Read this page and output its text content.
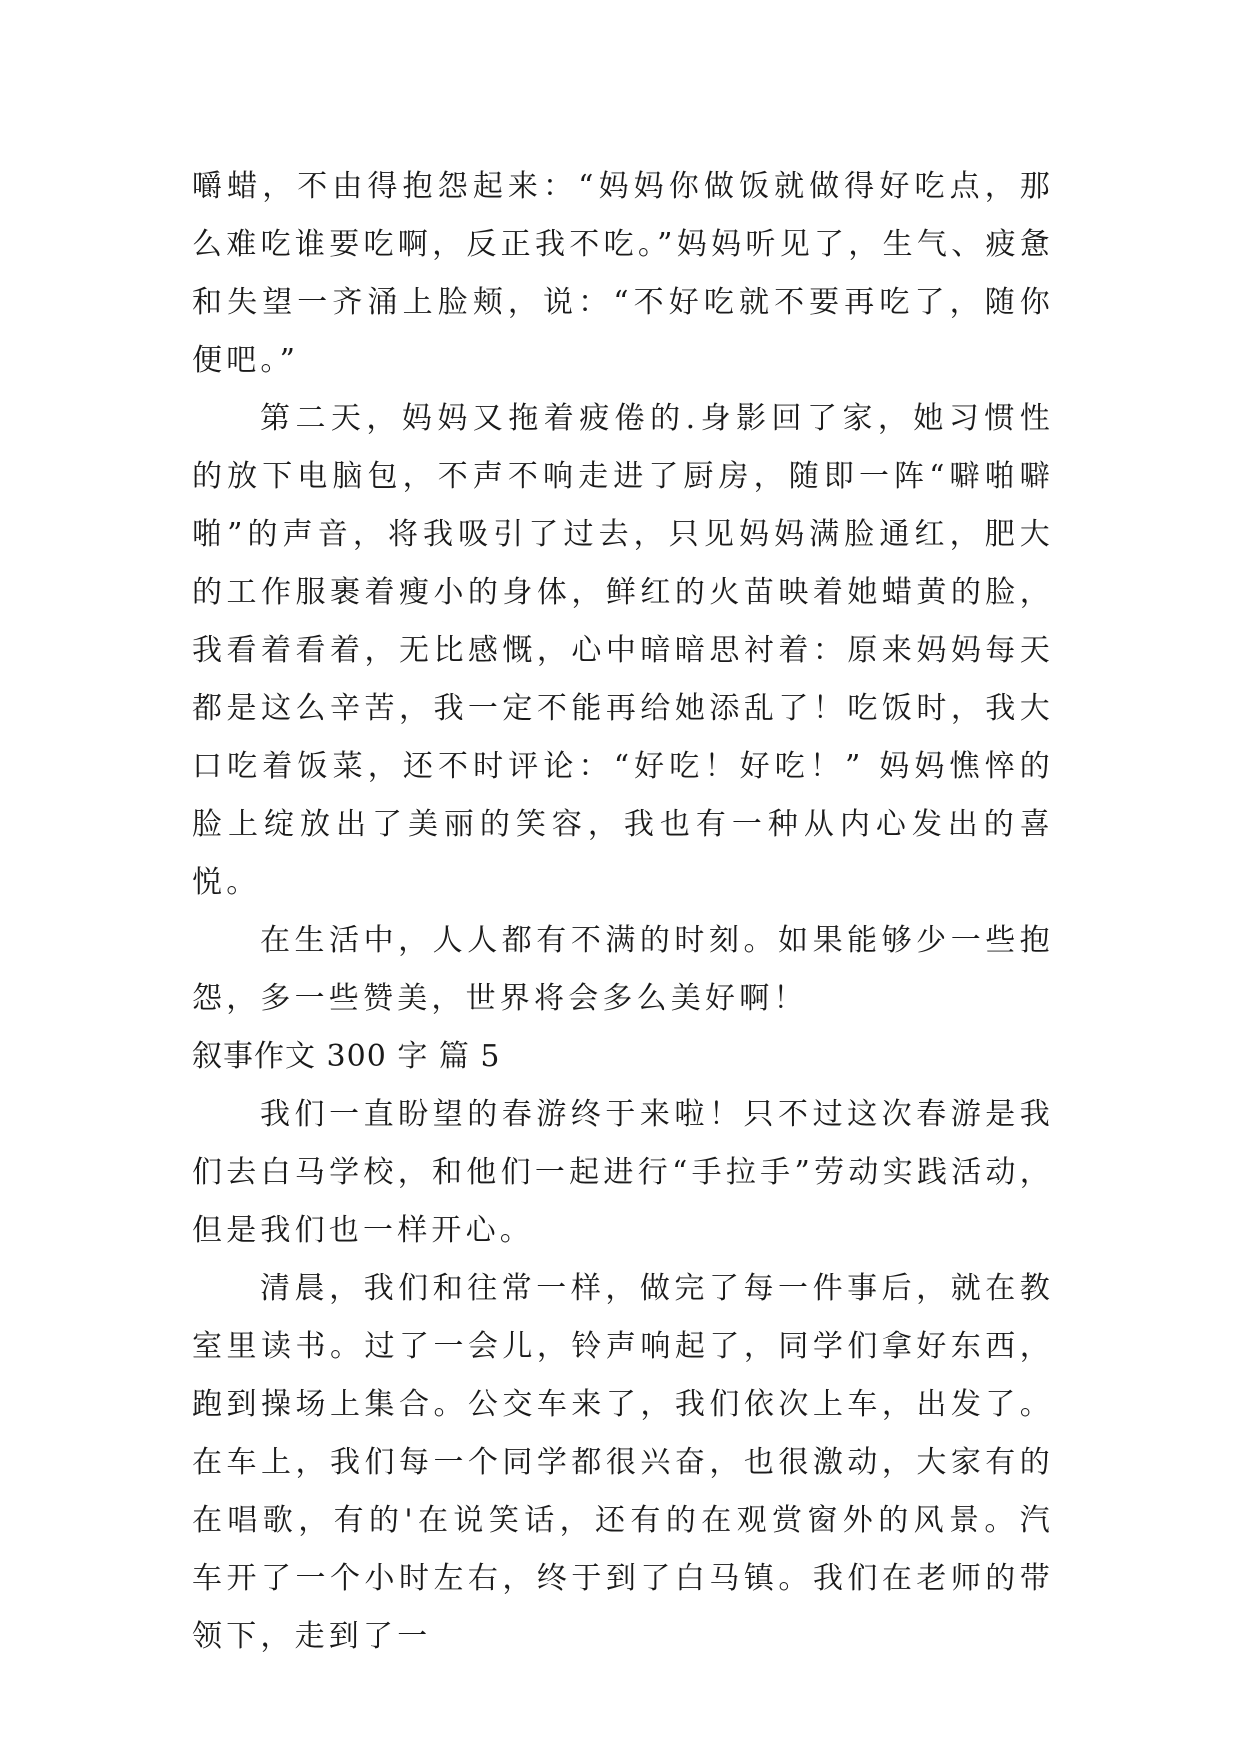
嚼蜡，不由得抱怨起来：“妈妈你做饭就做得好吃点，那么难吃谁要吃啊，反正我不吃。”妈妈听见了，生气、疲惫和失望一齐涌上脸颊，说：“不好吃就不要再吃了，随你便吧。”

第二天，妈妈又拖着疲倦的.身影回了家，她习惯性的放下电脑包，不声不响走进了厨房，随即一阵“噼啪噼啪”的声音，将我吸引了过去，只见妈妈满脸通红，肥大的工作服裹着瘦小的身体，鲜红的火苗映着她蜡黄的脸，我看着看着，无比感慨，心中暗暗思衬着：原来妈妈每天都是这么辛苦，我一定不能再给她添乱了！吃饭时，我大口吃着饭菜，还不时评论：“好吃！好吃！” 妈妈憔悴的脸上绽放出了美丽的笑容，我也有一种从内心发出的喜悦。

在生活中，人人都有不满的时刻。如果能够少一些抱怨，多一些赞美，世界将会多么美好啊！

叙事作文 300 字 篇 5

我们一直盼望的春游终于来啦！只不过这次春游是我们去白马学校，和他们一起进行“手拉手”劳动实践活动，但是我们也一样开心。

清晨，我们和往常一样，做完了每一件事后，就在教室里读书。过了一会儿，铃声响起了，同学们拿好东西，跑到操场上集合。公交车来了，我们依次上车，出发了。在车上，我们每一个同学都很兴奋，也很激动，大家有的在唱歌，有的'在说笑话，还有的在观赏窗外的风景。汽车开了一个小时左右，终于到了白马镇。我们在老师的带领下，走到了一
